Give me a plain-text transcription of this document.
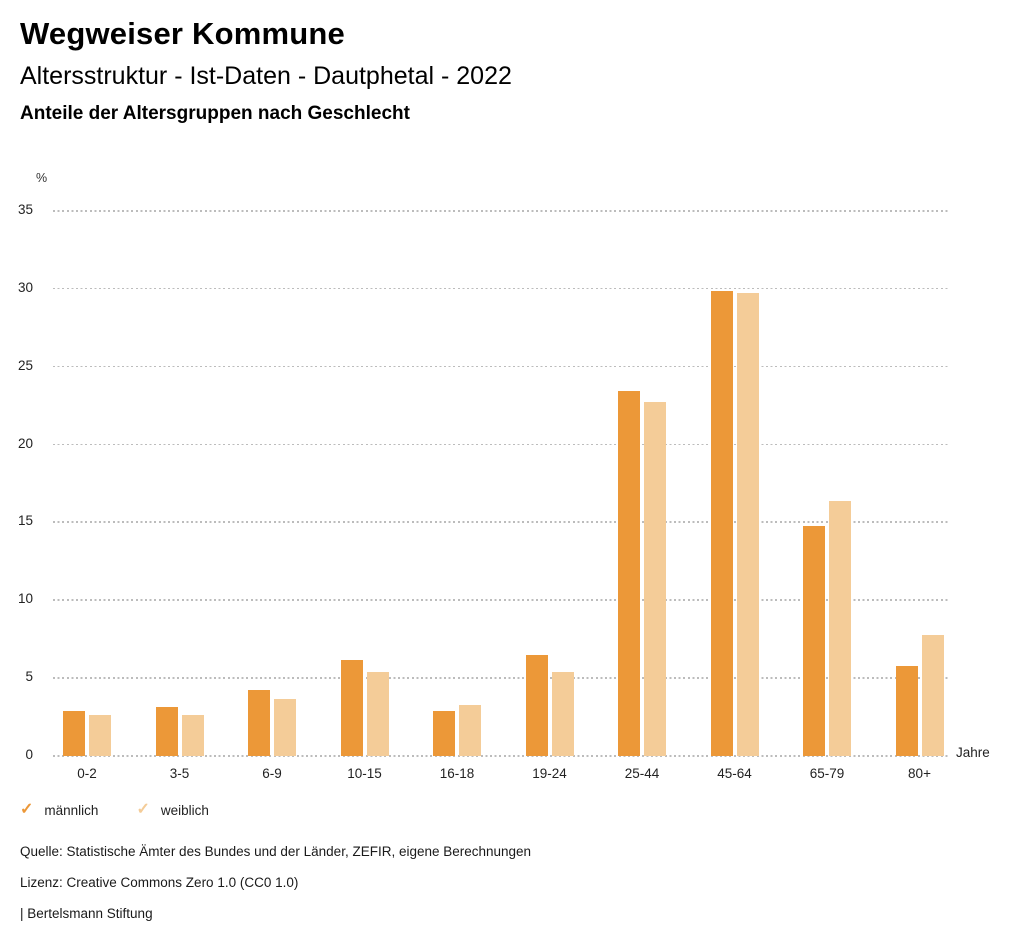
Wegweiser Kommune
Altersstruktur - Ist-Daten - Dautphetal - 2022
Anteile der Altersgruppen nach Geschlecht
%
Jahre
0
5
10
15
20
25
30
35
0-2	3-5	6-9	10-15	16-18	19-24	25-44	45-64	65-79	80+
✓ männlich ✓ weiblich
Quelle: Statistische Ämter des Bundes und der Länder, ZEFIR, eigene Berechnungen
Lizenz: Creative Commons Zero 1.0 (CC0 1.0)
| Bertelsmann Stiftung
